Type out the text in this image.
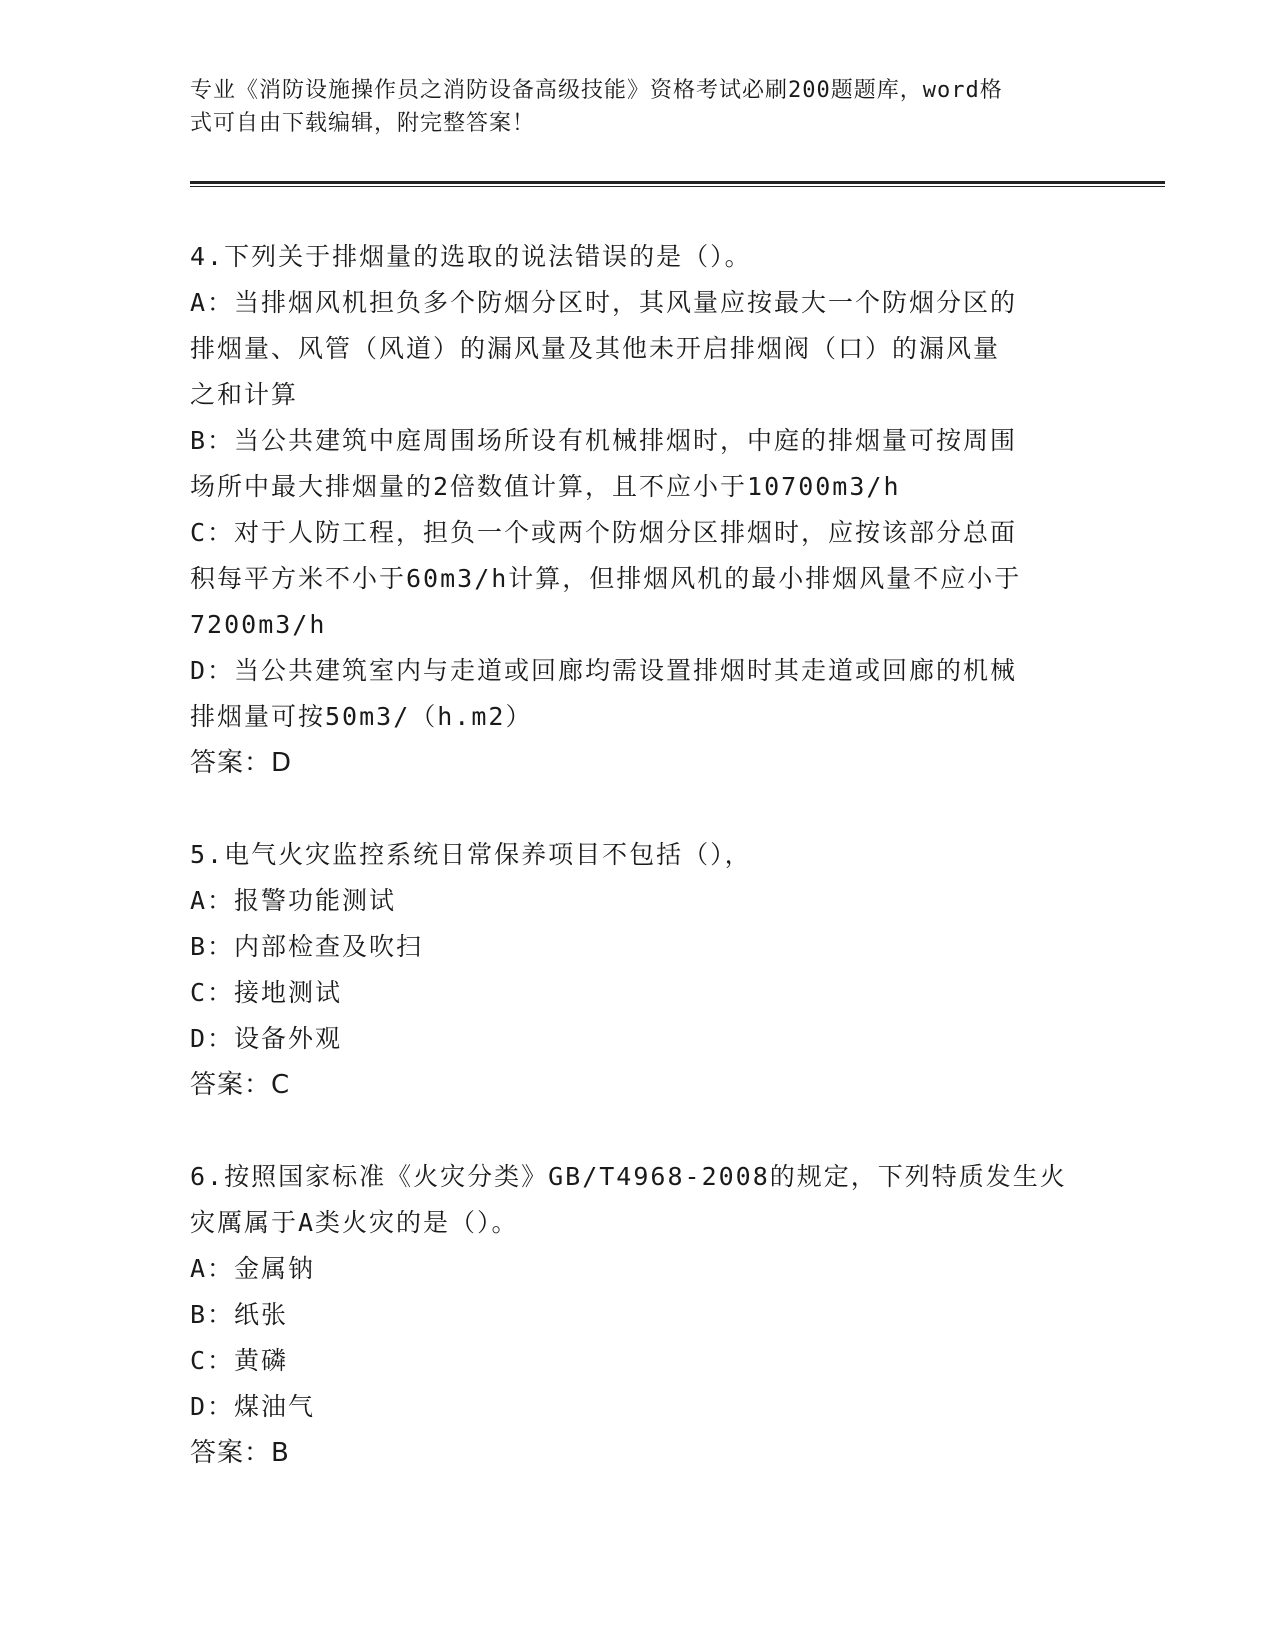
专业《消防设施操作员之消防设备高级技能》资格考试必刷200题题库，word格
式可自由下载编辑，附完整答案！
4.下列关于排烟量的选取的说法错误的是（）。
A：当排烟风机担负多个防烟分区时，其风量应按最大一个防烟分区的
排烟量、风管（风道）的漏风量及其他未开启排烟阀（口）的漏风量
之和计算
B：当公共建筑中庭周围场所设有机械排烟时，中庭的排烟量可按周围
场所中最大排烟量的2倍数值计算，且不应小于10700m3/h
C：对于人防工程，担负一个或两个防烟分区排烟时，应按该部分总面
积每平方米不小于60m3/h计算，但排烟风机的最小排烟风量不应小于
7200m3/h
D：当公共建筑室内与走道或回廊均需设置排烟时其走道或回廊的机械
排烟量可按50m3/（h.m2）
答案：D
5.电气火灾监控系统日常保养项目不包括（），
A：报警功能测试
B：内部检查及吹扫
C：接地测试
D：设备外观
答案：C
6.按照国家标准《火灾分类》GB/T4968-2008的规定，下列特质发生火
灾厲属于A类火灾的是（）。
A：金属钠
B：纸张
C：黄磷
D：煤油气
答案：B
